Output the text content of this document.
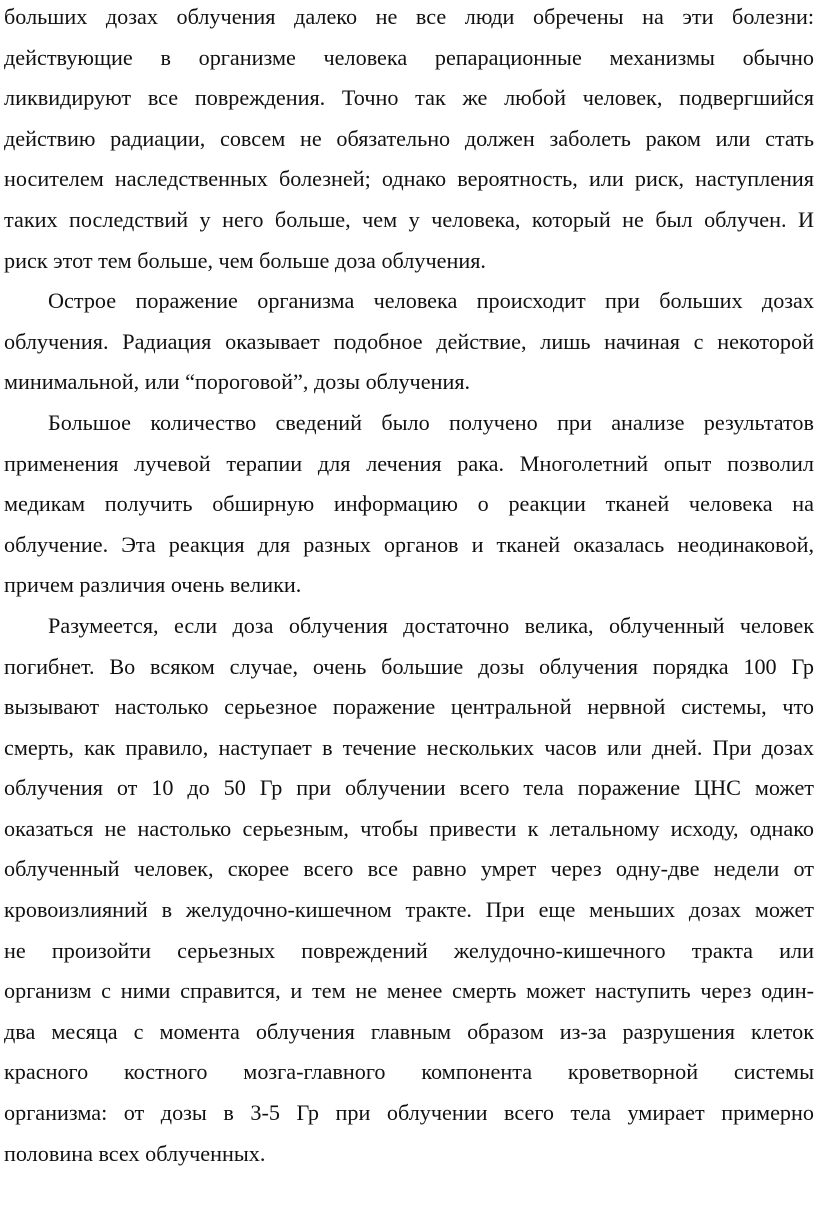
больших дозах облучения далеко не все люди обречены на эти болезни:
действующие в организме человека репарационные механизмы обычно
ликвидируют все повреждения. Точно так же любой человек, подвергшийся
действию радиации, совсем не обязательно должен заболеть раком или стать
носителем наследственных болезней; однако вероятность, или риск, наступления
таких последствий у него больше, чем у человека, который не был облучен. И
риск этот тем больше, чем больше доза облучения.
Острое поражение организма человека происходит при больших дозах
облучения. Радиация оказывает подобное действие, лишь начиная с некоторой
минимальной, или “пороговой”, дозы облучения.
Большое количество сведений было получено при анализе результатов
применения лучевой терапии для лечения рака. Многолетний опыт позволил
медикам получить обширную информацию о реакции тканей человека на
облучение. Эта реакция для разных органов и тканей оказалась неодинаковой,
причем различия очень велики.
Разумеется, если доза облучения достаточно велика, облученный человек
погибнет. Во всяком случае, очень большие дозы облучения порядка 100 Гр
вызывают настолько серьезное поражение центральной нервной системы, что
смерть, как правило, наступает в течение нескольких часов или дней. При дозах
облучения от 10 до 50 Гр при облучении всего тела поражение ЦНС может
оказаться не настолько серьезным, чтобы привести к летальному исходу, однако
облученный человек, скорее всего все равно умрет через одну-две недели от
кровоизлияний в желудочно-кишечном тракте. При еще меньших дозах может
не произойти серьезных повреждений желудочно-кишечного тракта или
организм с ними справится, и тем не менее смерть может наступить через один-
два месяца с момента облучения главным образом из-за разрушения клеток
красного костного мозга-главного компонента кроветворной системы
организма: от дозы в 3-5 Гр при облучении всего тела умирает примерно
половина всех облученных.
